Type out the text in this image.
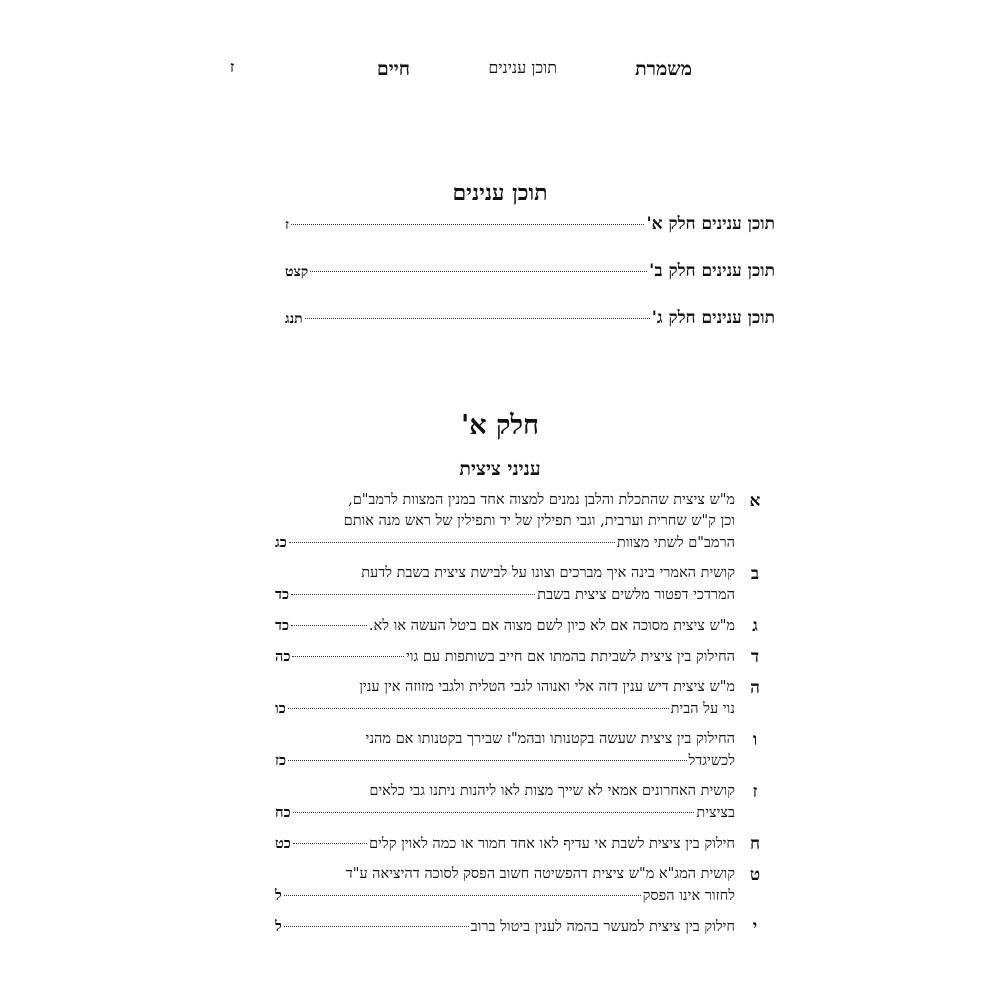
משמרת
תוכן ענינים
חיים
ז
תוכן ענינים
תוכן ענינים חלק א'
ז
תוכן ענינים חלק ב'
קצט
תוכן ענינים חלק ג'
תנג
חלק א'
עניני ציצית
א
מ"ש ציצית שהתכלת והלבן נמנים למצוה אחד במנין המצוות לרמב"ם,
וכן ק"ש שחרית וערבית, וגבי תפילין של יד ותפילין של ראש מנה אותם
הרמב"ם לשתי מצוות
כג
ב
קושית האמרי בינה איך מברכים וצונו על לבישת ציצית בשבת לדעת
המרדכי דפטור מלשים ציצית בשבת
כד
ג
מ"ש ציצית מסוכה אם לא כיון לשם מצוה אם ביטל העשה או לא.
כד
ד
החילוק בין ציצית לשביתת בהמתו אם חייב בשותפות עם גוי
כה
ה
מ"ש ציצית דיש ענין דזה אלי ואנוהו לגבי הטלית ולגבי מזוזה אין ענין
נוי על הבית
כו
ו
החילוק בין ציצית שעשה בקטנותו ובהמ"ז שבירך בקטנותו אם מהני
לכשיגדל
כז
ז
קושית האחרונים אמאי לא שייך מצות לאו ליהנות ניתנו גבי כלאים
בציצית
כח
ח
חילוק בין ציצית לשבת אי עדיף לאו אחד חמור או כמה לאוין קלים
כט
ט
קושית המג"א מ"ש ציצית דהפשיטה חשוב הפסק לסוכה דהיציאה ע"ד
לחזור אינו הפסק
ל
י
חילוק בין ציצית למעשר בהמה לענין ביטול ברוב
ל
